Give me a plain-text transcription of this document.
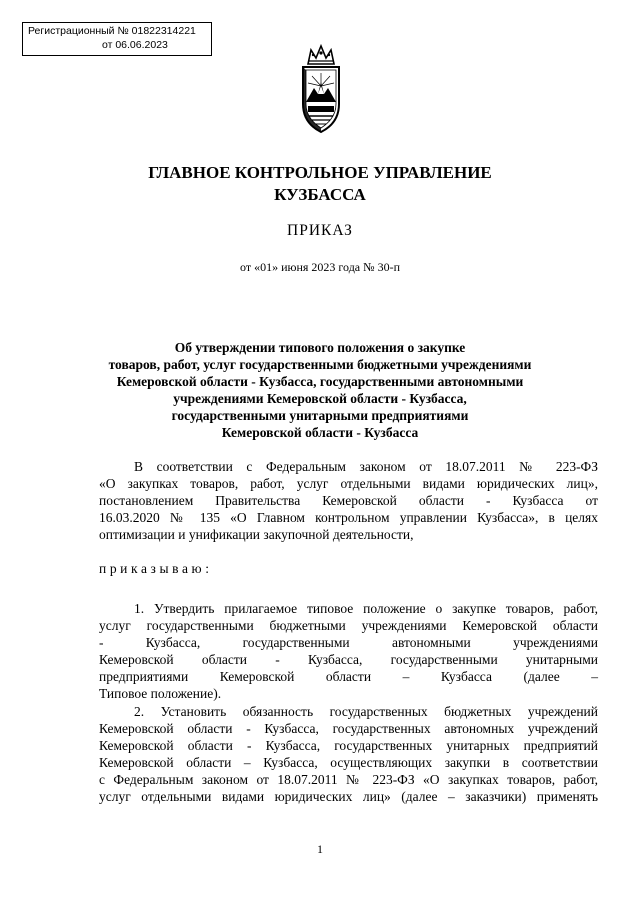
Регистрационный № 01822314221
от 06.06.2023
ГЛАВНОЕ КОНТРОЛЬНОЕ УПРАВЛЕНИЕ
КУЗБАССА
ПРИКАЗ
от «01» июня 2023 года № 30-п
Об утверждении типового положения о закупке
товаров, работ, услуг государственными бюджетными учреждениями
Кемеровской области - Кузбасса, государственными автономными
учреждениями Кемеровской области - Кузбасса,
государственными унитарными предприятиями
Кемеровской области - Кузбасса
В соответствии с Федеральным законом от 18.07.2011 № 223-ФЗ
«О закупках товаров, работ, услуг отдельными видами юридических лиц»,
постановлением Правительства Кемеровской области - Кузбасса от
16.03.2020 № 135 «О Главном контрольном управлении Кузбасса», в целях
оптимизации и унификации закупочной деятельности,
приказываю:
1. Утвердить прилагаемое типовое положение о закупке товаров, работ,
услуг государственными бюджетными учреждениями Кемеровской области
- Кузбасса, государственными автономными учреждениями
Кемеровской области - Кузбасса, государственными унитарными
предприятиями Кемеровской области – Кузбасса (далее –
Типовое положение).
2. Установить обязанность государственных бюджетных учреждений
Кемеровской области - Кузбасса, государственных автономных учреждений
Кемеровской области - Кузбасса, государственных унитарных предприятий
Кемеровской области – Кузбасса, осуществляющих закупки в соответствии
с Федеральным законом от 18.07.2011 № 223-ФЗ «О закупках товаров, работ,
услуг отдельными видами юридических лиц» (далее – заказчики) применять
1
